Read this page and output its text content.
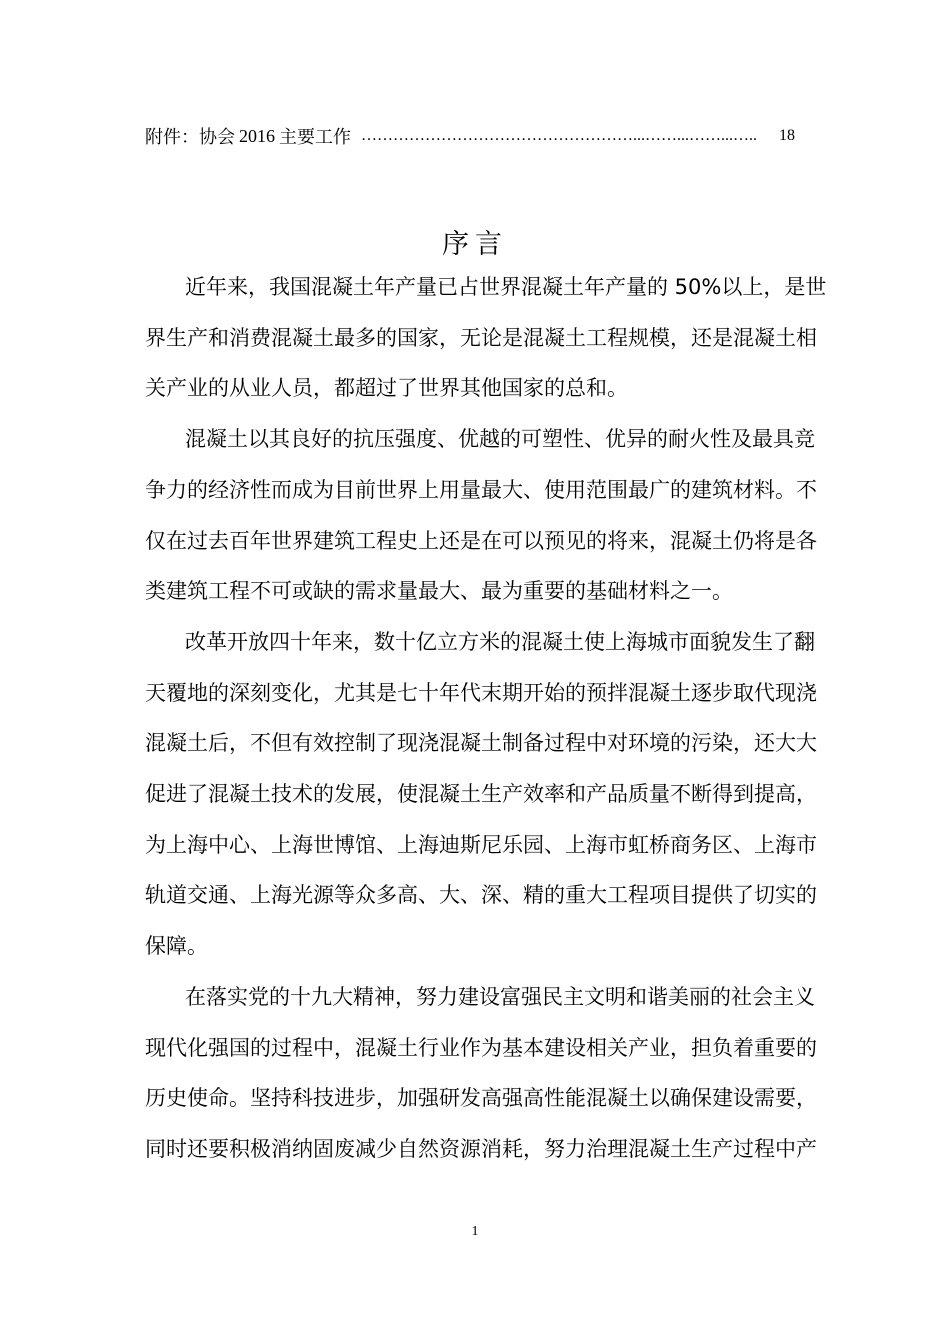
附件：协会 2016 主要工作 ……………………………………………...……...……...…..	18
序言
近年来，我国混凝土年产量已占世界混凝土年产量的 50%以上，是世
界生产和消费混凝土最多的国家，无论是混凝土工程规模，还是混凝土相
关产业的从业人员，都超过了世界其他国家的总和。
混凝土以其良好的抗压强度、优越的可塑性、优异的耐火性及最具竞
争力的经济性而成为目前世界上用量最大、使用范围最广的建筑材料。不
仅在过去百年世界建筑工程史上还是在可以预见的将来，混凝土仍将是各
类建筑工程不可或缺的需求量最大、最为重要的基础材料之一。
改革开放四十年来，数十亿立方米的混凝土使上海城市面貌发生了翻
天覆地的深刻变化，尤其是七十年代末期开始的预拌混凝土逐步取代现浇
混凝土后，不但有效控制了现浇混凝土制备过程中对环境的污染，还大大
促进了混凝土技术的发展，使混凝土生产效率和产品质量不断得到提高，
为上海中心、上海世博馆、上海迪斯尼乐园、上海市虹桥商务区、上海市
轨道交通、上海光源等众多高、大、深、精的重大工程项目提供了切实的
保障。
在落实党的十九大精神，努力建设富强民主文明和谐美丽的社会主义
现代化强国的过程中，混凝土行业作为基本建设相关产业，担负着重要的
历史使命。坚持科技进步，加强研发高强高性能混凝土以确保建设需要，
同时还要积极消纳固废减少自然资源消耗，努力治理混凝土生产过程中产
1
